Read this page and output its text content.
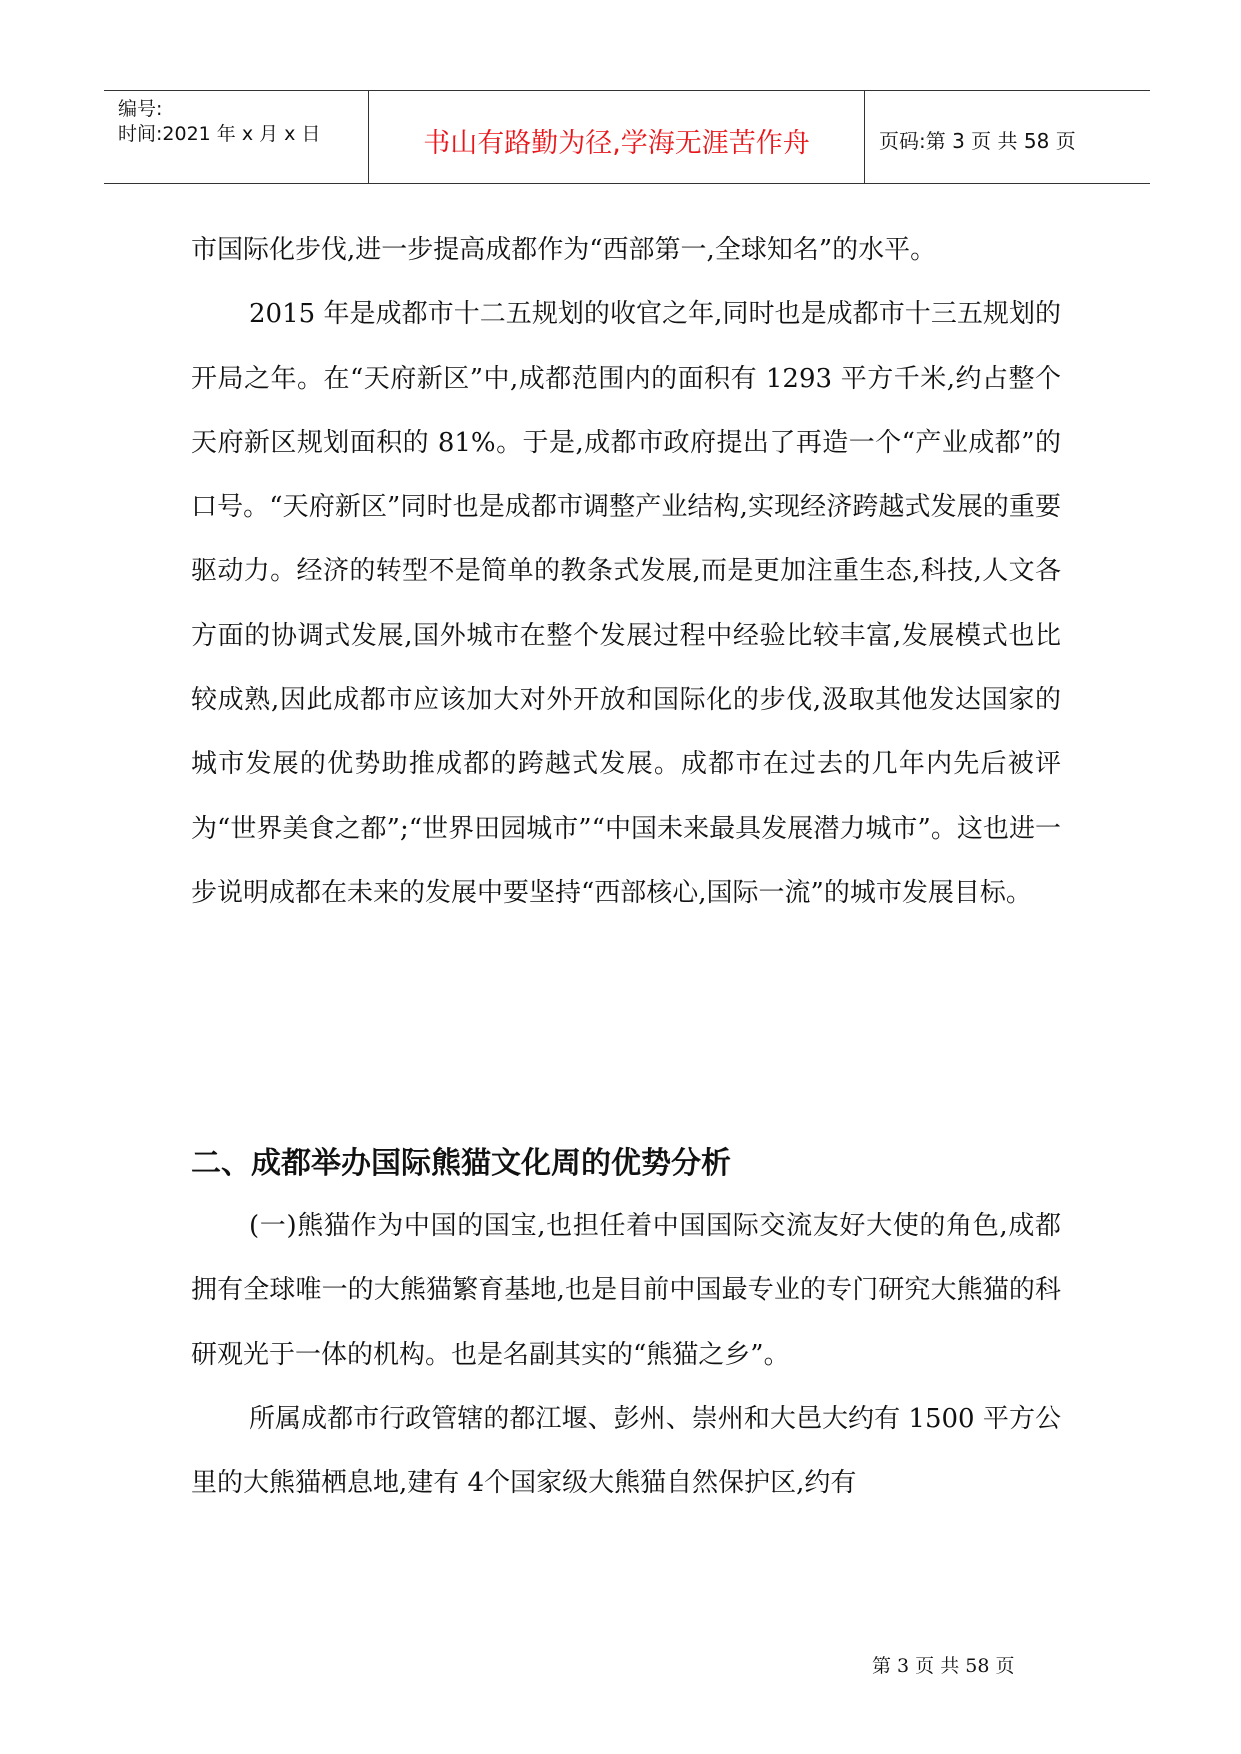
编号:
时间:2021 年 x 月 x 日	书山有路勤为径,学海无涯苦作舟	页码:第 3 页 共 58 页

市国际化步伐,进一步提高成都作为“西部第一,全球知名”的水平。

2015 年是成都市十二五规划的收官之年,同时也是成都市十三五规划的开局之年。在“天府新区”中,成都范围内的面积有 1293 平方千米,约占整个天府新区规划面积的 81%。于是,成都市政府提出了再造一个“产业成都”的口号。“天府新区”同时也是成都市调整产业结构,实现经济跨越式发展的重要驱动力。经济的转型不是简单的教条式发展,而是更加注重生态,科技,人文各方面的协调式发展,国外城市在整个发展过程中经验比较丰富,发展模式也比较成熟,因此成都市应该加大对外开放和国际化的步伐,汲取其他发达国家的城市发展的优势助推成都的跨越式发展。成都市在过去的几年内先后被评为“世界美食之都”;“世界田园城市”“中国未来最具发展潜力城市”。这也进一步说明成都在未来的发展中要坚持“西部核心,国际一流”的城市发展目标。

二、成都举办国际熊猫文化周的优势分析

(一)熊猫作为中国的国宝,也担任着中国国际交流友好大使的角色,成都拥有全球唯一的大熊猫繁育基地,也是目前中国最专业的专门研究大熊猫的科研观光于一体的机构。也是名副其实的“熊猫之乡”。

所属成都市行政管辖的都江堰、彭州、崇州和大邑大约有 1500 平方公里的大熊猫栖息地,建有 4个国家级大熊猫自然保护区,约有

第 3 页 共 58 页
